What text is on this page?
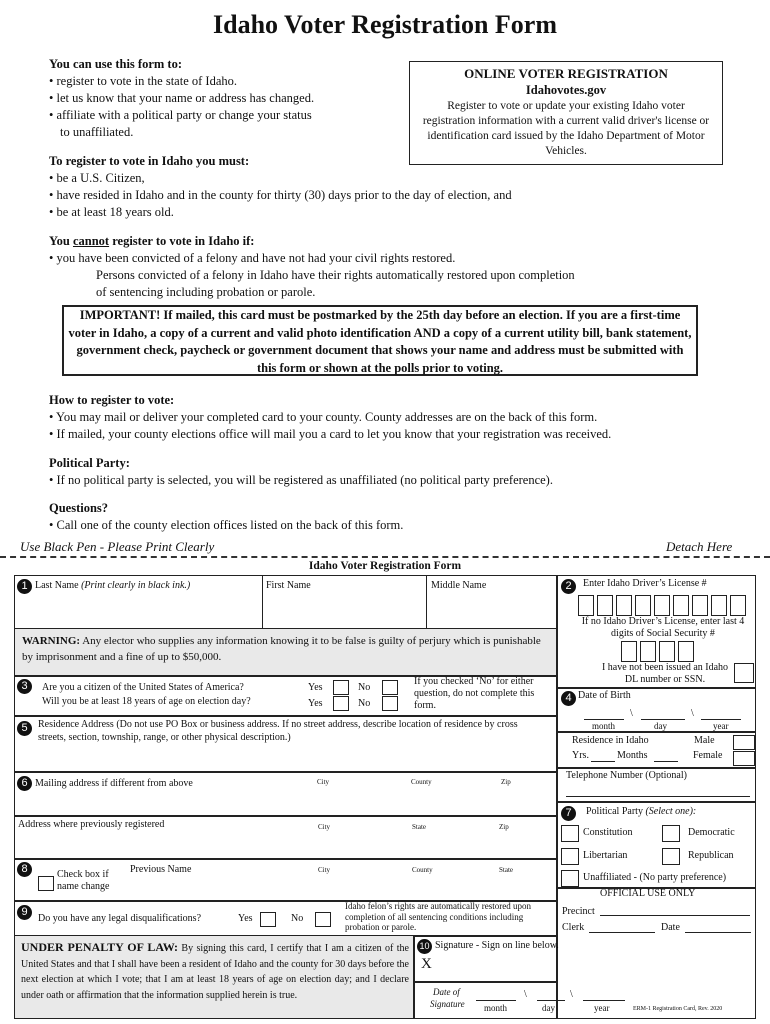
Idaho Voter Registration Form
You can use this form to:
• register to vote in the state of Idaho.
• let us know that your name or address has changed.
• affiliate with a political party or change your status
to unaffiliated.
ONLINE VOTER REGISTRATION
Idahovotes.gov
Register to vote or update your existing Idaho voter registration information with a current valid driver's license or identification card issued by the Idaho Department of Motor Vehicles.
To register to vote in Idaho you must:
• be a U.S. Citizen,
• have resided in Idaho and in the county for thirty (30) days prior to the day of election, and
• be at least 18 years old.
You cannot register to vote in Idaho if:
• you have been convicted of a felony and have not had your civil rights restored.
Persons convicted of a felony in Idaho have their rights automatically restored upon completion
of sentencing including probation or parole.
IMPORTANT! If mailed, this card must be postmarked by the 25th day before an election. If you are a first-time voter in Idaho, a copy of a current and valid photo identification AND a copy of a current utility bill, bank statement, government check, paycheck or government document that shows your name and address must be submitted with this form or shown at the polls prior to voting.
How to register to vote:
• You may mail or deliver your completed card to your county. County addresses are on the back of this form.
• If mailed, your county elections office will mail you a card to let you know that your registration was received.
Political Party:
• If no political party is selected, you will be registered as unaffiliated (no political party preference).
Questions?
• Call one of the county election offices listed on the back of this form.
Use Black Pen - Please Print Clearly	Detach Here
Idaho Voter Registration Form
1 Last Name (Print clearly in black ink.)	First Name	Middle Name
WARNING: Any elector who supplies any information knowing it to be false is guilty of perjury which is punishable by imprisonment and a fine of up to $50,000.
3	Are you a citizen of the United States of America?
Will you be at least 18 years of age on election day?
Yes	No
Yes	No
If you checked ‘No’ for either question, do not complete this form.
5	Residence Address (Do not use PO Box or business address. If no street address, describe location of residence by cross streets, section, township, range, or other physical description.)
6 Mailing address if different from above	City	County	Zip
Address where previously registered	City	State	Zip
8	Check box if name change
Previous Name	City	County	State
9
Do you have any legal disqualifications?	Yes	No
Idaho felon’s rights are automatically restored upon completion of all sentencing conditions including probation or parole.
UNDER PENALTY OF LAW: By signing this card, I certify that I am a citizen of the United States and that I shall have been a resident of Idaho and the county for 30 days before the next election at which I vote; that I am at least 18 years of age on election day; and I declare under oath or affirmation that the information supplied herein is true.
10 Signature - Sign on line below.
X
Date of
Signature
\	\
month	day	year	ERM-1 Registration Card, Rev. 2020
2	Enter Idaho Driver’s License #
If no Idaho Driver’s License, enter last 4 digits of Social Security #
I have not been issued an Idaho DL number or SSN.
4 Date of Birth
\	\
month	day	year
Residence in Idaho
Yrs.	Months
Male
Female
Telephone Number (Optional)
7	Political Party (Select one):
Constitution	Democratic
Libertarian	Republican
Unaffiliated - (No party preference)
OFFICIAL USE ONLY
Precinct
Clerk	Date
